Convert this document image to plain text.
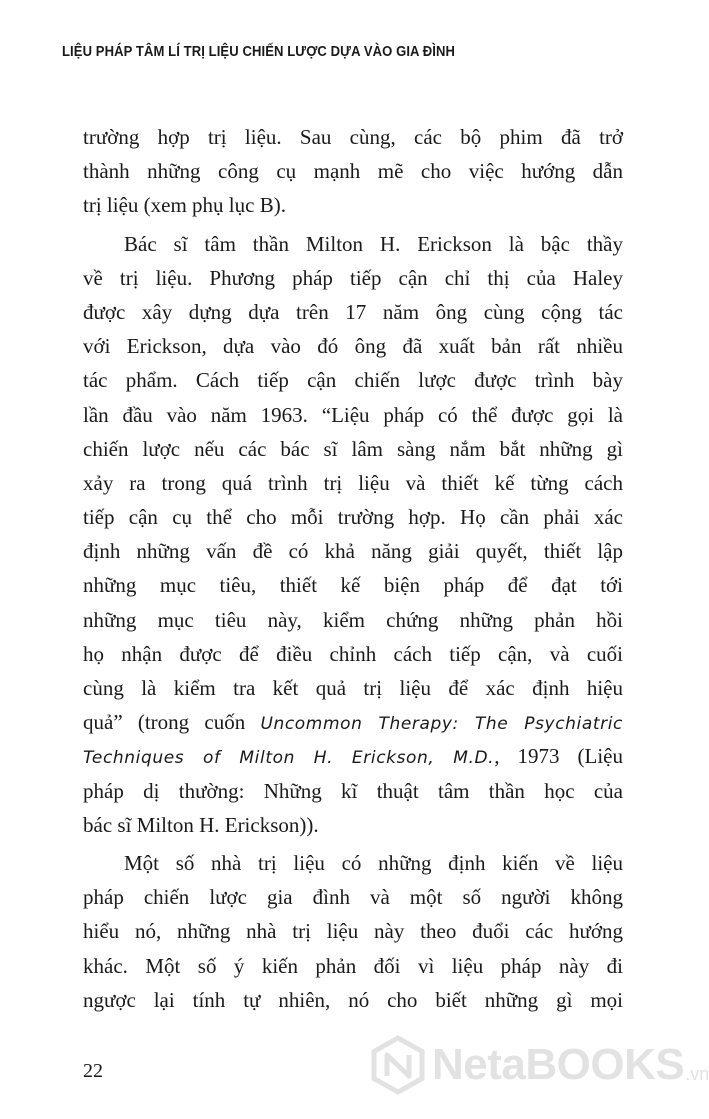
LIỆU PHÁP TÂM LÍ TRỊ LIỆU CHIẾN LƯỢC DỰA VÀO GIA ĐÌNH
trường hợp trị liệu. Sau cùng, các bộ phim đã trở
thành những công cụ mạnh mẽ cho việc hướng dẫn
trị liệu (xem phụ lục B).
Bác sĩ tâm thần Milton H. Erickson là bậc thầy
về trị liệu. Phương pháp tiếp cận chỉ thị của Haley
được xây dựng dựa trên 17 năm ông cùng cộng tác
với Erickson, dựa vào đó ông đã xuất bản rất nhiều
tác phẩm. Cách tiếp cận chiến lược được trình bày
lần đầu vào năm 1963. “Liệu pháp có thể được gọi là
chiến lược nếu các bác sĩ lâm sàng nắm bắt những gì
xảy ra trong quá trình trị liệu và thiết kế từng cách
tiếp cận cụ thể cho mỗi trường hợp. Họ cần phải xác
định những vấn đề có khả năng giải quyết, thiết lập
những mục tiêu, thiết kế biện pháp để đạt tới
những mục tiêu này, kiểm chứng những phản hồi
họ nhận được để điều chỉnh cách tiếp cận, và cuối
cùng là kiểm tra kết quả trị liệu để xác định hiệu
quả” (trong cuốn Uncommon Therapy: The Psychiatric
Techniques of Milton H. Erickson, M.D., 1973 (Liệu
pháp dị thường: Những kĩ thuật tâm thần học của
bác sĩ Milton H. Erickson)).
Một số nhà trị liệu có những định kiến về liệu
pháp chiến lược gia đình và một số người không
hiểu nó, những nhà trị liệu này theo đuổi các hướng
khác. Một số ý kiến phản đối vì liệu pháp này đi
ngược lại tính tự nhiên, nó cho biết những gì mọi
22	NetaBOOKS .vn
